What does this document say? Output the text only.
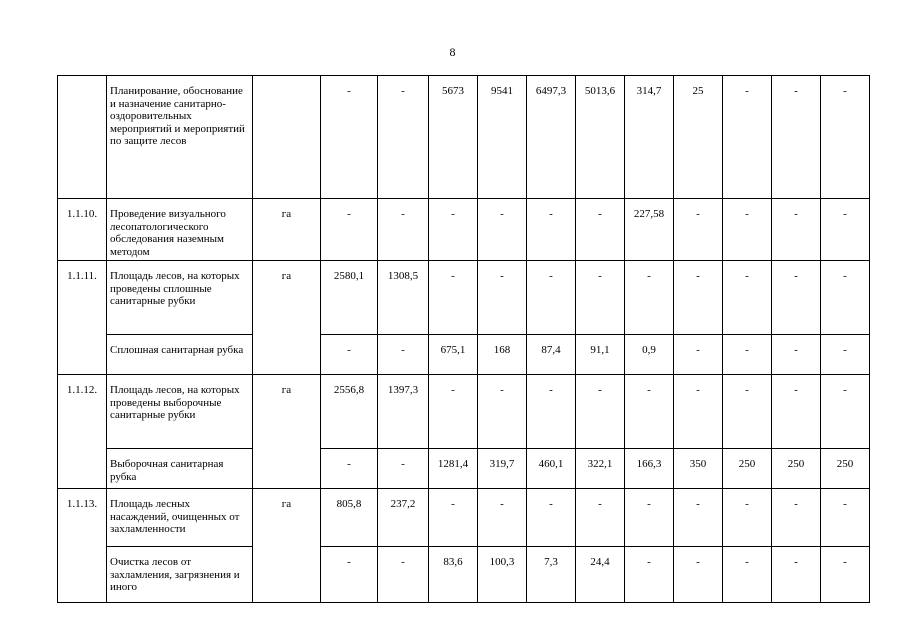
8
	Планирование, обоснование и назначение санитарно-оздоровительных мероприятий и мероприятий по защите лесов		-	-	5673	9541	6497,3	5013,6	314,7	25	-	-	-
1.1.10.	Проведение визуального лесопатологического обследования наземным методом	га	-	-	-	-	-	-	227,58	-	-	-	-
1.1.11.	Площадь лесов, на которых проведены сплошные санитарные рубки	га	2580,1	1308,5	-	-	-	-	-	-	-	-	-
	Сплошная санитарная рубка		-	-	675,1	168	87,4	91,1	0,9	-	-	-	-
1.1.12.	Площадь лесов, на которых проведены выборочные санитарные рубки	га	2556,8	1397,3	-	-	-	-	-	-	-	-	-
	Выборочная санитарная рубка		-	-	1281,4	319,7	460,1	322,1	166,3	350	250	250	250
1.1.13.	Площадь лесных насаждений, очищенных от захламленности	га	805,8	237,2	-	-	-	-	-	-	-	-	-
	Очистка лесов от захламления, загрязнения и иного		-	-	83,6	100,3	7,3	24,4	-	-	-	-	-
